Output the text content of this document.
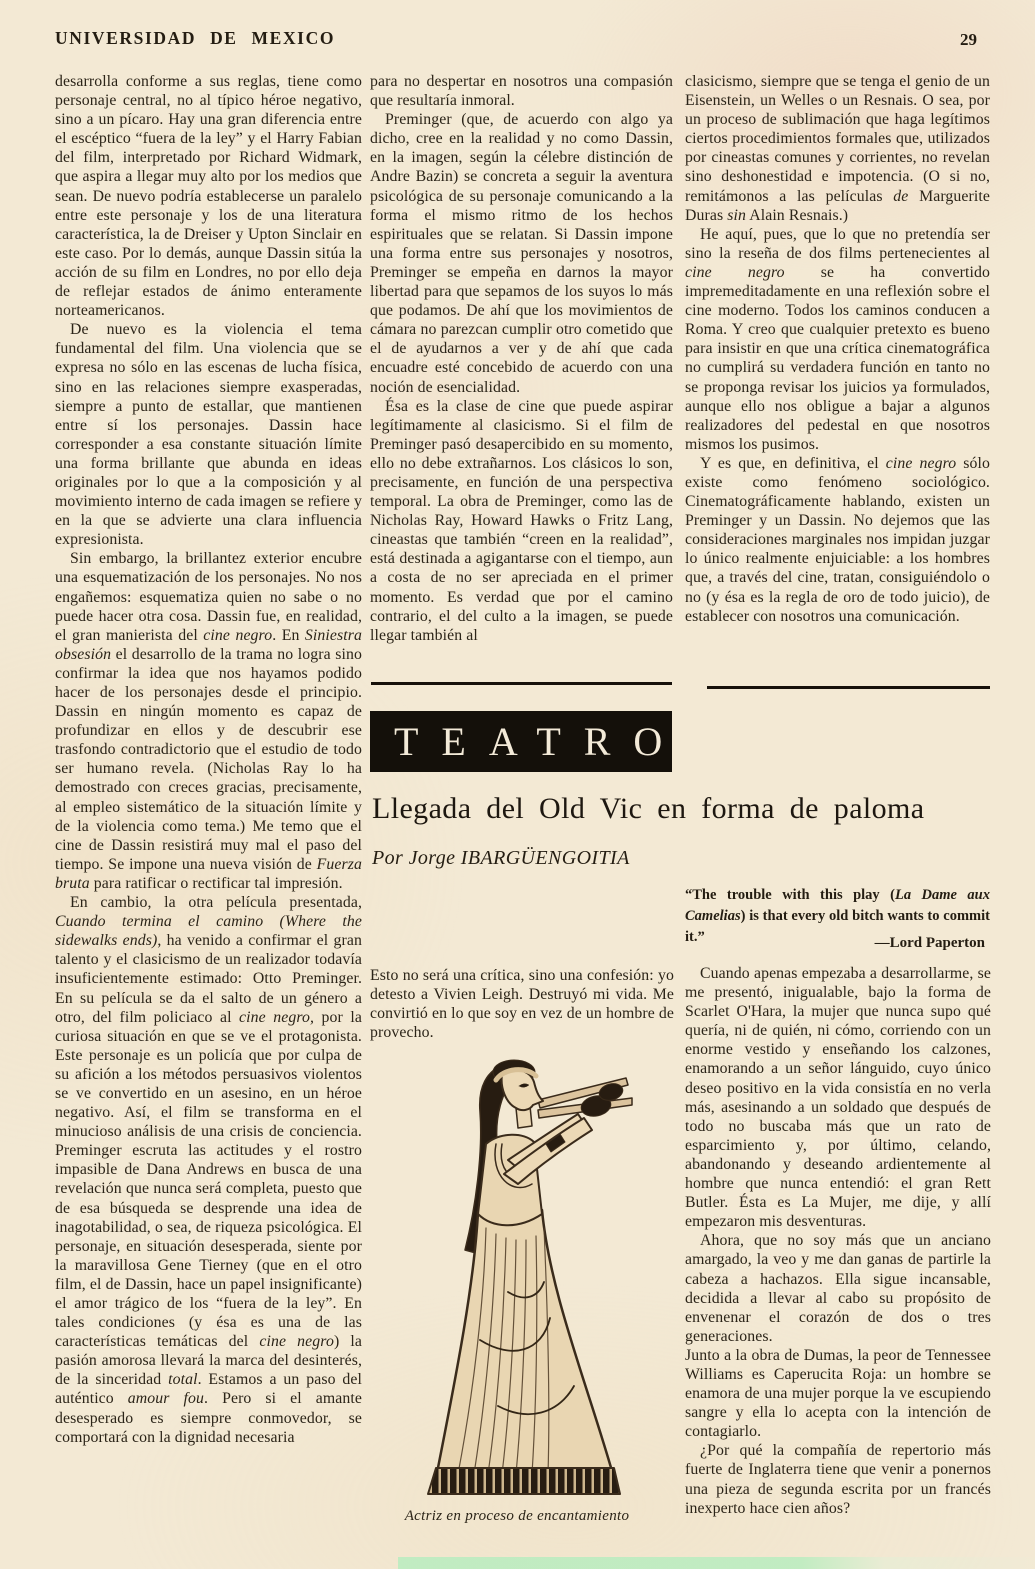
UNIVERSIDAD DE MEXICO	29

desarrolla conforme a sus reglas, tiene como personaje central, no al típico héroe negativo, sino a un pícaro. Hay una gran diferencia entre el escéptico “fuera de la ley” y el Harry Fabian del film, interpretado por Richard Widmark, que aspira a llegar muy alto por los medios que sean. De nuevo podría establecerse un paralelo entre este personaje y los de una literatura característica, la de Dreiser y Upton Sinclair en este caso. Por lo demás, aunque Dassin sitúa la acción de su film en Londres, no por ello deja de reflejar estados de ánimo enteramente norteamericanos.

De nuevo es la violencia el tema fundamental del film. Una violencia que se expresa no sólo en las escenas de lucha física, sino en las relaciones siempre exasperadas, siempre a punto de estallar, que mantienen entre sí los personajes. Dassin hace corresponder a esa constante situación límite una forma brillante que abunda en ideas originales por lo que a la composición y al movimiento interno de cada imagen se refiere y en la que se advierte una clara influencia expresionista.

Sin embargo, la brillantez exterior encubre una esquematización de los personajes. No nos engañemos: esquematiza quien no sabe o no puede hacer otra cosa. Dassin fue, en realidad, el gran manierista del cine negro. En Siniestra obsesión el desarrollo de la trama no logra sino confirmar la idea que nos hayamos podido hacer de los personajes desde el principio. Dassin en ningún momento es capaz de profundizar en ellos y de descubrir ese trasfondo contradictorio que el estudio de todo ser humano revela. (Nicholas Ray lo ha demostrado con creces gracias, precisamente, al empleo sistemático de la situación límite y de la violencia como tema.) Me temo que el cine de Dassin resistirá muy mal el paso del tiempo. Se impone una nueva visión de Fuerza bruta para ratificar o rectificar tal impresión.

En cambio, la otra película presentada, Cuando termina el camino (Where the sidewalks ends), ha venido a confirmar el gran talento y el clasicismo de un realizador todavía insuficientemente estimado: Otto Preminger. En su película se da el salto de un género a otro, del film policiaco al cine negro, por la curiosa situación en que se ve el protagonista. Este personaje es un policía que por culpa de su afición a los métodos persuasivos violentos se ve convertido en un asesino, en un héroe negativo. Así, el film se transforma en el minucioso análisis de una crisis de conciencia. Preminger escruta las actitudes y el rostro impasible de Dana Andrews en busca de una revelación que nunca será completa, puesto que de esa búsqueda se desprende una idea de inagotabilidad, o sea, de riqueza psicológica. El personaje, en situación desesperada, siente por la maravillosa Gene Tierney (que en el otro film, el de Dassin, hace un papel insignificante) el amor trágico de los “fuera de la ley”. En tales condiciones (y ésa es una de las características temáticas del cine negro) la pasión amorosa llevará la marca del desinterés, de la sinceridad total. Estamos a un paso del auténtico amour fou. Pero si el amante desesperado es siempre conmovedor, se comportará con la dignidad necesaria

para no despertar en nosotros una compasión que resultaría inmoral.

Preminger (que, de acuerdo con algo ya dicho, cree en la realidad y no como Dassin, en la imagen, según la célebre distinción de Andre Bazin) se concreta a seguir la aventura psicológica de su personaje comunicando a la forma el mismo ritmo de los hechos espirituales que se relatan. Si Dassin impone una forma entre sus personajes y nosotros, Preminger se empeña en darnos la mayor libertad para que sepamos de los suyos lo más que podamos. De ahí que los movimientos de cámara no parezcan cumplir otro cometido que el de ayudarnos a ver y de ahí que cada encuadre esté concebido de acuerdo con una noción de esencialidad.

Ésa es la clase de cine que puede aspirar legítimamente al clasicismo. Si el film de Preminger pasó desapercibido en su momento, ello no debe extrañarnos. Los clásicos lo son, precisamente, en función de una perspectiva temporal. La obra de Preminger, como las de Nicholas Ray, Howard Hawks o Fritz Lang, cineastas que también “creen en la realidad”, está destinada a agigantarse con el tiempo, aun a costa de no ser apreciada en el primer momento. Es verdad que por el camino contrario, el del culto a la imagen, se puede llegar también al

clasicismo, siempre que se tenga el genio de un Eisenstein, un Welles o un Resnais. O sea, por un proceso de sublimación que haga legítimos ciertos procedimientos formales que, utilizados por cineastas comunes y corrientes, no revelan sino deshonestidad e impotencia. (O si no, remitámonos a las películas de Marguerite Duras sin Alain Resnais.)

He aquí, pues, que lo que no pretendía ser sino la reseña de dos films pertenecientes al cine negro se ha convertido impremeditadamente en una reflexión sobre el cine moderno. Todos los caminos conducen a Roma. Y creo que cualquier pretexto es bueno para insistir en que una crítica cinematográfica no cumplirá su verdadera función en tanto no se proponga revisar los juicios ya formulados, aunque ello nos obligue a bajar a algunos realizadores del pedestal en que nosotros mismos los pusimos.

Y es que, en definitiva, el cine negro sólo existe como fenómeno sociológico. Cinematográficamente hablando, existen un Preminger y un Dassin. No dejemos que las consideraciones marginales nos impidan juzgar lo único realmente enjuiciable: a los hombres que, a través del cine, tratan, consiguiéndolo o no (y ésa es la regla de oro de todo juicio), de establecer con nosotros una comunicación.

TEATRO
Llegada del Old Vic en forma de paloma
Por Jorge IBARGÜENGOITIA
“The trouble with this play (La Dame aux Camelias) is that every old bitch wants to commit it.”	—Lord Paperton

Esto no será una crítica, sino una confesión: yo detesto a Vivien Leigh. Destruyó mi vida. Me convirtió en lo que soy en vez de un hombre de provecho.

Cuando apenas empezaba a desarrollarme, se me presentó, inigualable, bajo la forma de Scarlet O'Hara, la mujer que nunca supo qué quería, ni de quién, ni cómo, corriendo con un enorme vestido y enseñando los calzones, enamorando a un señor lánguido, cuyo único deseo positivo en la vida consistía en no verla más, asesinando a un soldado que después de todo no buscaba más que un rato de esparcimiento y, por último, celando, abandonando y deseando ardientemente al hombre que nunca entendió: el gran Rett Butler. Ésta es La Mujer, me dije, y allí empezaron mis desventuras.

Ahora, que no soy más que un anciano amargado, la veo y me dan ganas de partirle la cabeza a hachazos. Ella sigue incansable, decidida a llevar al cabo su propósito de envenenar el corazón de dos o tres generaciones.

Junto a la obra de Dumas, la peor de Tennessee Williams es Caperucita Roja: un hombre se enamora de una mujer porque la ve escupiendo sangre y ella lo acepta con la intención de contagiarlo.

¿Por qué la compañía de repertorio más fuerte de Inglaterra tiene que venir a ponernos una pieza de segunda escrita por un francés inexperto hace cien años?

Actriz en proceso de encantamiento
